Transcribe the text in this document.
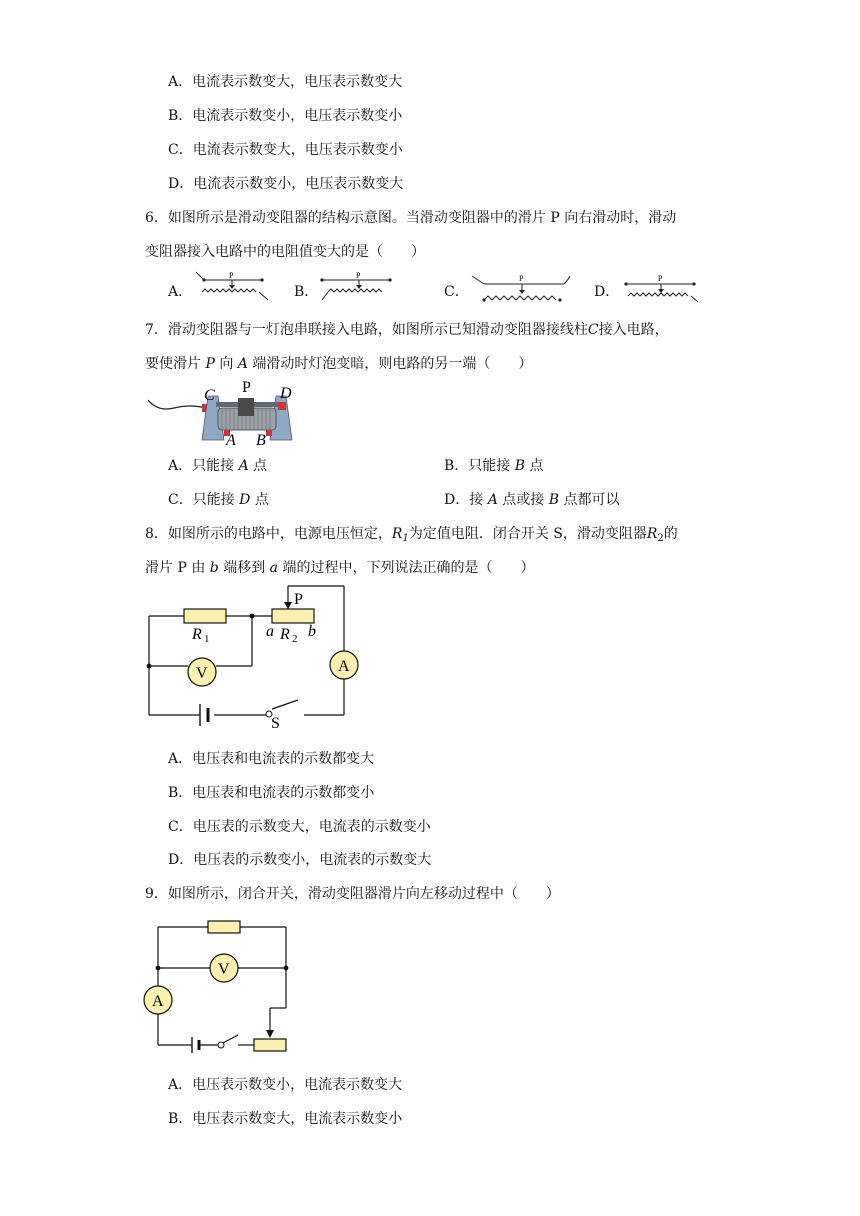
A．电流表示数变大，电压表示数变大
B．电流表示数变小，电压表示数变小
C．电流表示数变大，电压表示数变小
D．电流表示数变小，电压表示数变大
6．如图所示是滑动变阻器的结构示意图。当滑动变阻器中的滑片 P 向右滑动时，滑动
变阻器接入电路中的电阻值变大的是（　　）
A．
P
B．
P
C．
P
D．
P
7．滑动变阻器与一灯泡串联接入电路，如图所示已知滑动变阻器接线柱C接入电路，
要使滑片 P 向 A 端滑动时灯泡变暗，则电路的另一端（　　）
C P D
A B
A．只能接 A 点	B．只能接 B 点
C．只能接 D 点	D．接 A 点或接 B 点都可以
8．如图所示的电路中，电源电压恒定，$R_1$为定值电阻．闭合开关 S，滑动变阻器$R_2$的
滑片 P 由 b 端移到 a 端的过程中，下列说法正确的是（　　）
P
R 1	a R 2 b
V	A
S
A．电压表和电流表的示数都变大
B．电压表和电流表的示数都变小
C．电压表的示数变大，电流表的示数变小
D．电压表的示数变小，电流表的示数变大
9．如图所示，闭合开关，滑动变阻器滑片向左移动过程中（　　）
V
A
A．电压表示数变小，电流表示数变大
B．电压表示数变大，电流表示数变小
